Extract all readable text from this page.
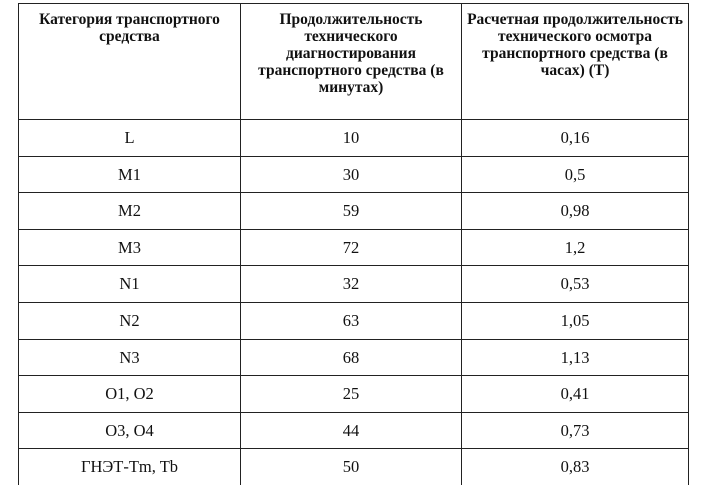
Категория транспортного средства	Продолжительность технического диагностирования транспортного средства (в минутах)	Расчетная продолжительность технического осмотра транспортного средства (в часах) (Т)
L	10	0,16
M1	30	0,5
M2	59	0,98
M3	72	1,2
N1	32	0,53
N2	63	1,05
N3	68	1,13
O1, O2	25	0,41
O3, O4	44	0,73
ГНЭТ-Tm, Tb	50	0,83
